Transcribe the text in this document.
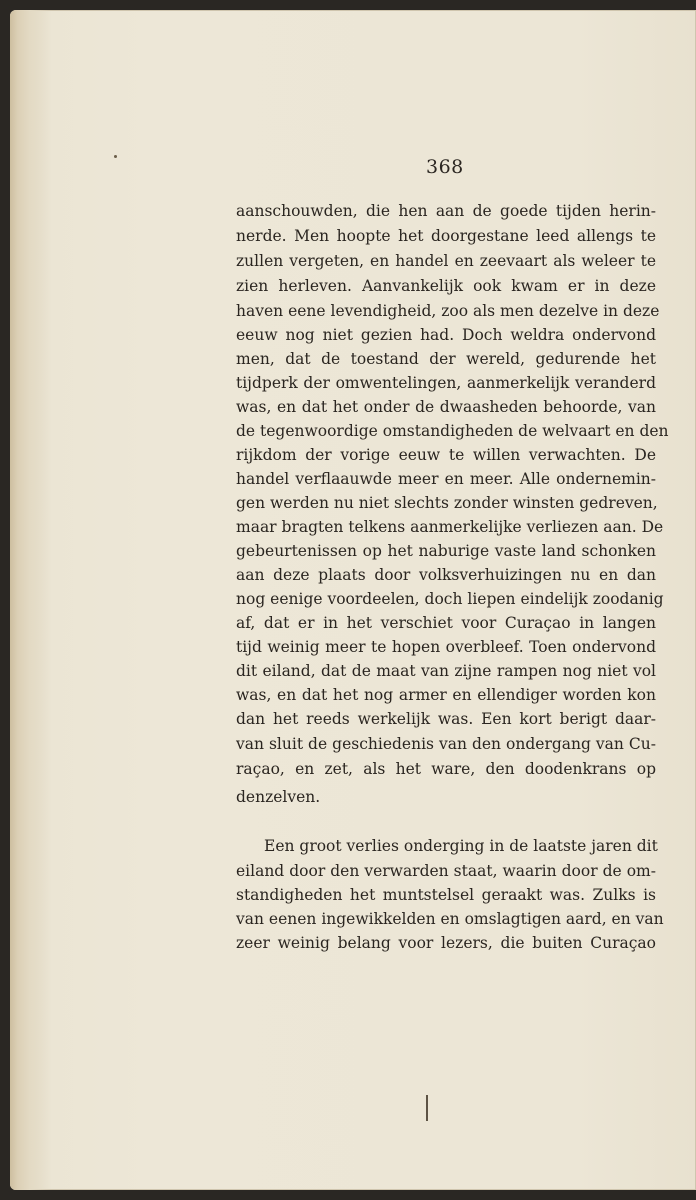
368
aanschouwden, die hen aan de goede tijden herin-
nerde. Men hoopte het doorgestane leed allengs te
zullen vergeten, en handel en zeevaart als weleer te
zien herleven. Aanvankelijk ook kwam er in deze
haven eene levendigheid, zoo als men dezelve in deze
eeuw nog niet gezien had. Doch weldra ondervond
men, dat de toestand der wereld, gedurende het
tijdperk der omwentelingen, aanmerkelijk veranderd
was, en dat het onder de dwaasheden behoorde, van
de tegenwoordige omstandigheden de welvaart en den
rijkdom der vorige eeuw te willen verwachten. De
handel verflaauwde meer en meer. Alle ondernemin-
gen werden nu niet slechts zonder winsten gedreven,
maar bragten telkens aanmerkelijke verliezen aan. De
gebeurtenissen op het naburige vaste land schonken
aan deze plaats door volksverhuizingen nu en dan
nog eenige voordeelen, doch liepen eindelijk zoodanig
af, dat er in het verschiet voor Curaçao in langen
tijd weinig meer te hopen overbleef. Toen ondervond
dit eiland, dat de maat van zijne rampen nog niet vol
was, en dat het nog armer en ellendiger worden kon
dan het reeds werkelijk was. Een kort berigt daar-
van sluit de geschiedenis van den ondergang van Cu-
raçao, en zet, als het ware, den doodenkrans op
denzelven.
Een groot verlies onderging in de laatste jaren dit
eiland door den verwarden staat, waarin door de om-
standigheden het muntstelsel geraakt was. Zulks is
van eenen ingewikkelden en omslagtigen aard, en van
zeer weinig belang voor lezers, die buiten Curaçao
